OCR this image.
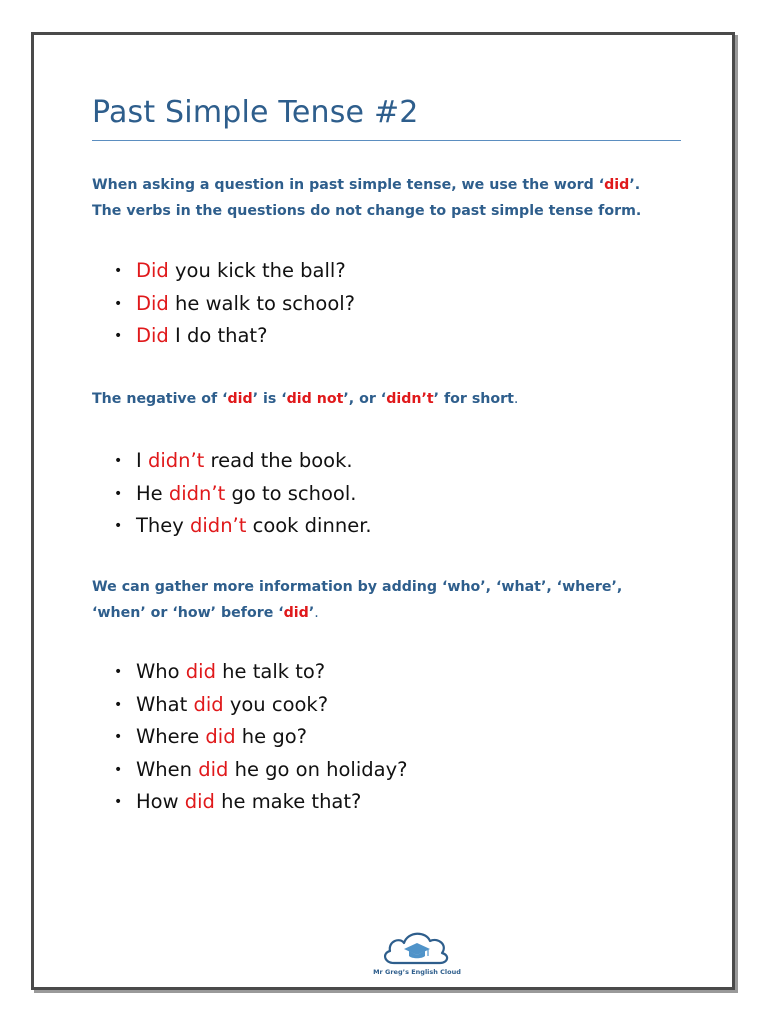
Past Simple Tense #2
When asking a question in past simple tense, we use the word ‘did’.
The verbs in the questions do not change to past simple tense form.
• Did you kick the ball?
• Did he walk to school?
• Did I do that?
The negative of ‘did’ is ‘did not’, or ‘didn’t’ for short.
• I didn’t read the book.
• He didn’t go to school.
• They didn’t cook dinner.
We can gather more information by adding ‘who’, ‘what’, ‘where’,
‘when’ or ‘how’ before ‘did’.
• Who did he talk to?
• What did you cook?
• Where did he go?
• When did he go on holiday?
• How did he make that?
Mr Greg’s English Cloud
